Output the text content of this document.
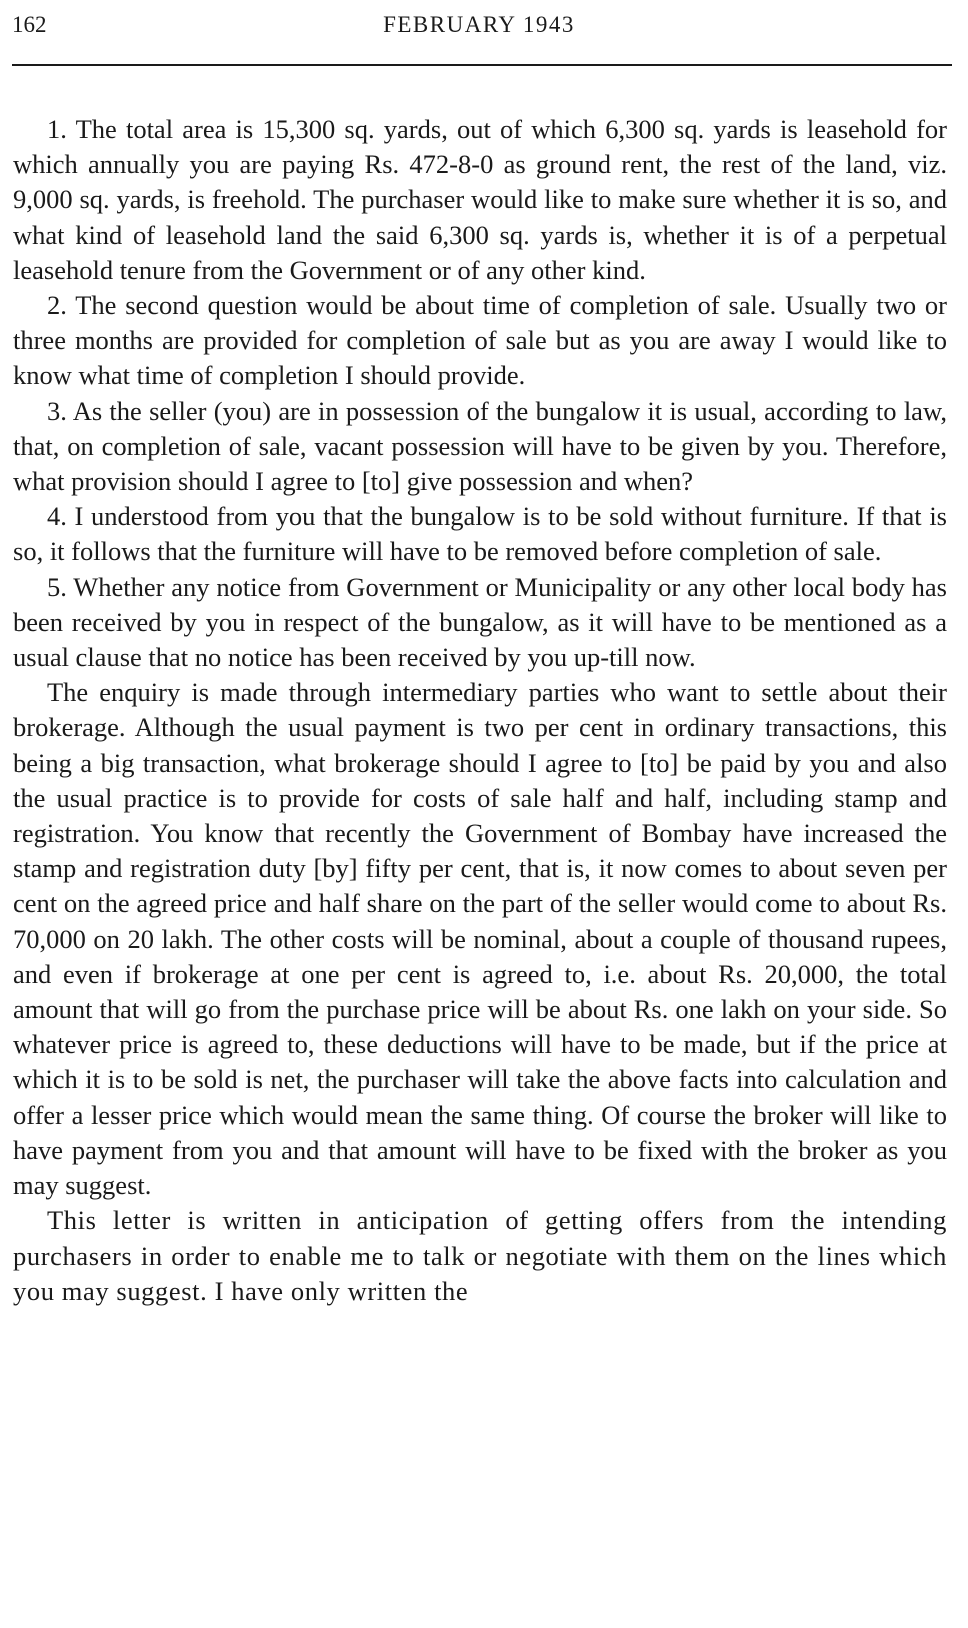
162	FEBRUARY 1943

1. The total area is 15,300 sq. yards, out of which 6,300 sq. yards is leasehold for which annually you are paying Rs. 472-8-0 as ground rent, the rest of the land, viz. 9,000 sq. yards, is freehold. The purchaser would like to make sure whether it is so, and what kind of leasehold land the said 6,300 sq. yards is, whether it is of a perpetual leasehold tenure from the Government or of any other kind.

2. The second question would be about time of completion of sale. Usually two or three months are provided for completion of sale but as you are away I would like to know what time of completion I should provide.

3. As the seller (you) are in possession of the bungalow it is usual, according to law, that, on completion of sale, vacant possession will have to be given by you. Therefore, what provision should I agree to [to] give possession and when?

4. I understood from you that the bungalow is to be sold without furniture. If that is so, it follows that the furniture will have to be removed before completion of sale.

5. Whether any notice from Government or Municipality or any other local body has been received by you in respect of the bungalow, as it will have to be mentioned as a usual clause that no notice has been received by you up-till now.

The enquiry is made through intermediary parties who want to settle about their brokerage. Although the usual payment is two per cent in ordinary transactions, this being a big transaction, what brokerage should I agree to [to] be paid by you and also the usual practice is to provide for costs of sale half and half, including stamp and registration. You know that recently the Government of Bombay have increased the stamp and registration duty [by] fifty per cent, that is, it now comes to about seven per cent on the agreed price and half share on the part of the seller would come to about Rs. 70,000 on 20 lakh. The other costs will be nominal, about a couple of thousand rupees, and even if brokerage at one per cent is agreed to, i.e. about Rs. 20,000, the total amount that will go from the purchase price will be about Rs. one lakh on your side. So whatever price is agreed to, these deductions will have to be made, but if the price at which it is to be sold is net, the purchaser will take the above facts into calculation and offer a lesser price which would mean the same thing. Of course the broker will like to have payment from you and that amount will have to be fixed with the broker as you may suggest.

This letter is written in anticipation of getting offers from the intending purchasers in order to enable me to talk or negotiate with them on the lines which you may suggest. I have only written the
